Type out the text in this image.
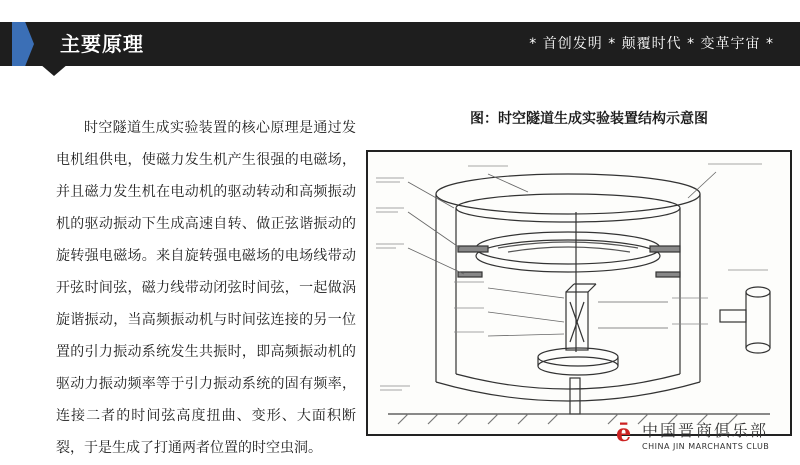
主要原理	* 首创发明 * 颠覆时代 * 变革宇宙 *
时空隧道生成实验装置的核心原理是通过发电机组供电，使磁力发生机产生很强的电磁场，并且磁力发生机在电动机的驱动转动和高频振动机的驱动振动下生成高速自转、做正弦谐振动的旋转强电磁场。来自旋转强电磁场的电场线带动开弦时间弦，磁力线带动闭弦时间弦，一起做涡旋谐振动，当高频振动机与时间弦连接的另一位置的引力振动系统发生共振时，即高频振动机的驱动力振动频率等于引力振动系统的固有频率，连接二者的时间弦高度扭曲、变形、大面积断裂，于是生成了打通两者位置的时空虫洞。
图：时空隧道生成实验装置结构示意图
ē 中国晋商俱乐部
CHINA JIN MARCHANTS CLUB
